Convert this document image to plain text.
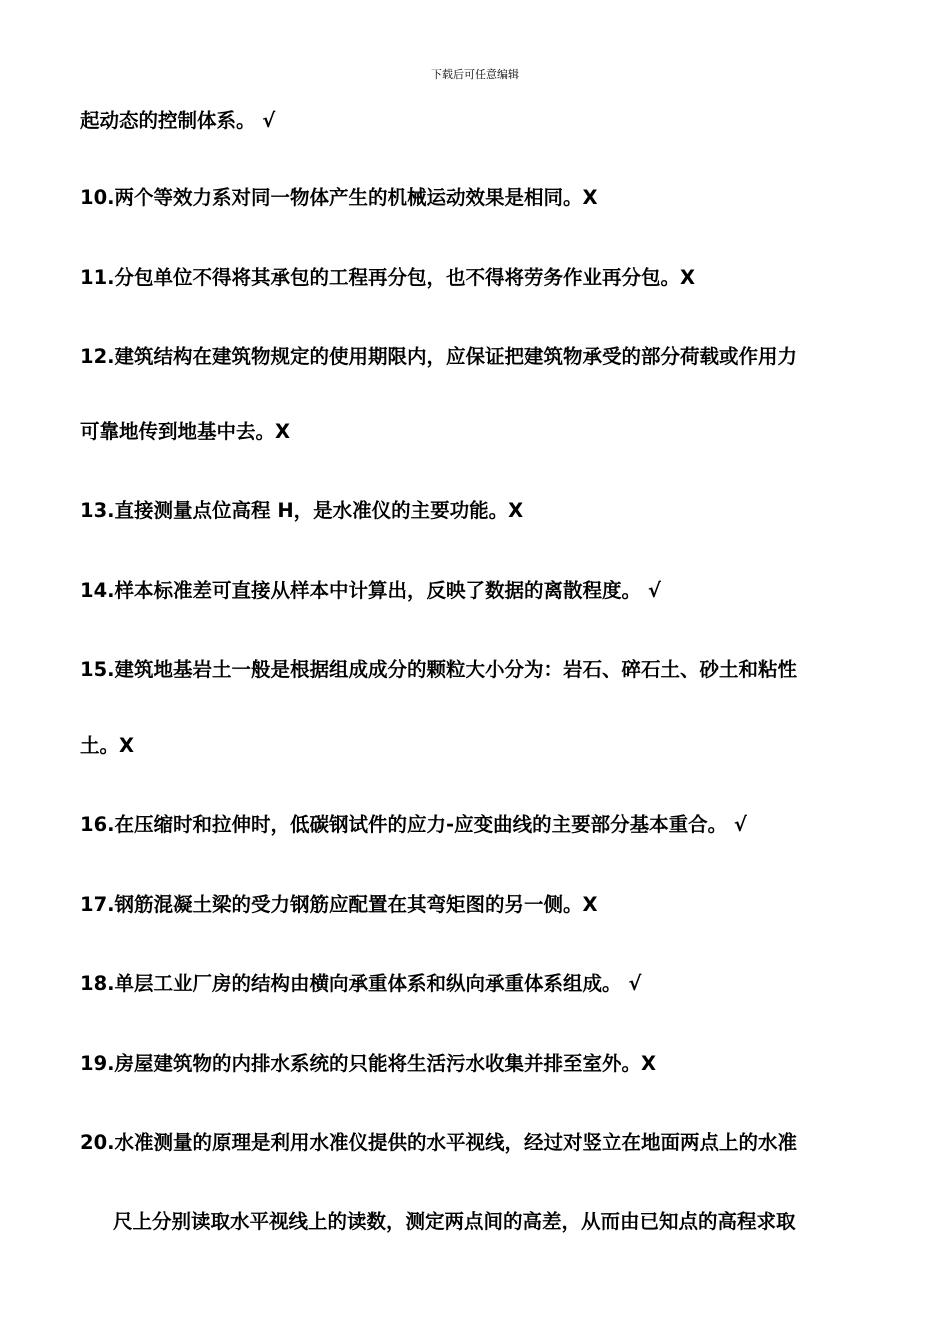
下载后可任意编辑
起动态的控制体系。 √
10.两个等效力系对同一物体产生的机械运动效果是相同。X
11.分包单位不得将其承包的工程再分包，也不得将劳务作业再分包。X
12.建筑结构在建筑物规定的使用期限内，应保证把建筑物承受的部分荷载或作用力
可靠地传到地基中去。X
13.直接测量点位高程 H，是水准仪的主要功能。X
14.样本标准差可直接从样本中计算出，反映了数据的离散程度。 √
15.建筑地基岩土一般是根据组成成分的颗粒大小分为：岩石、碎石土、砂土和粘性
土。X
16.在压缩时和拉伸时，低碳钢试件的应力-应变曲线的主要部分基本重合。 √
17.钢筋混凝土梁的受力钢筋应配置在其弯矩图的另一侧。X
18.单层工业厂房的结构由横向承重体系和纵向承重体系组成。 √
19.房屋建筑物的内排水系统的只能将生活污水收集并排至室外。X
20.水准测量的原理是利用水准仪提供的水平视线，经过对竖立在地面两点上的水准
尺上分别读取水平视线上的读数，测定两点间的高差，从而由已知点的高程求取
